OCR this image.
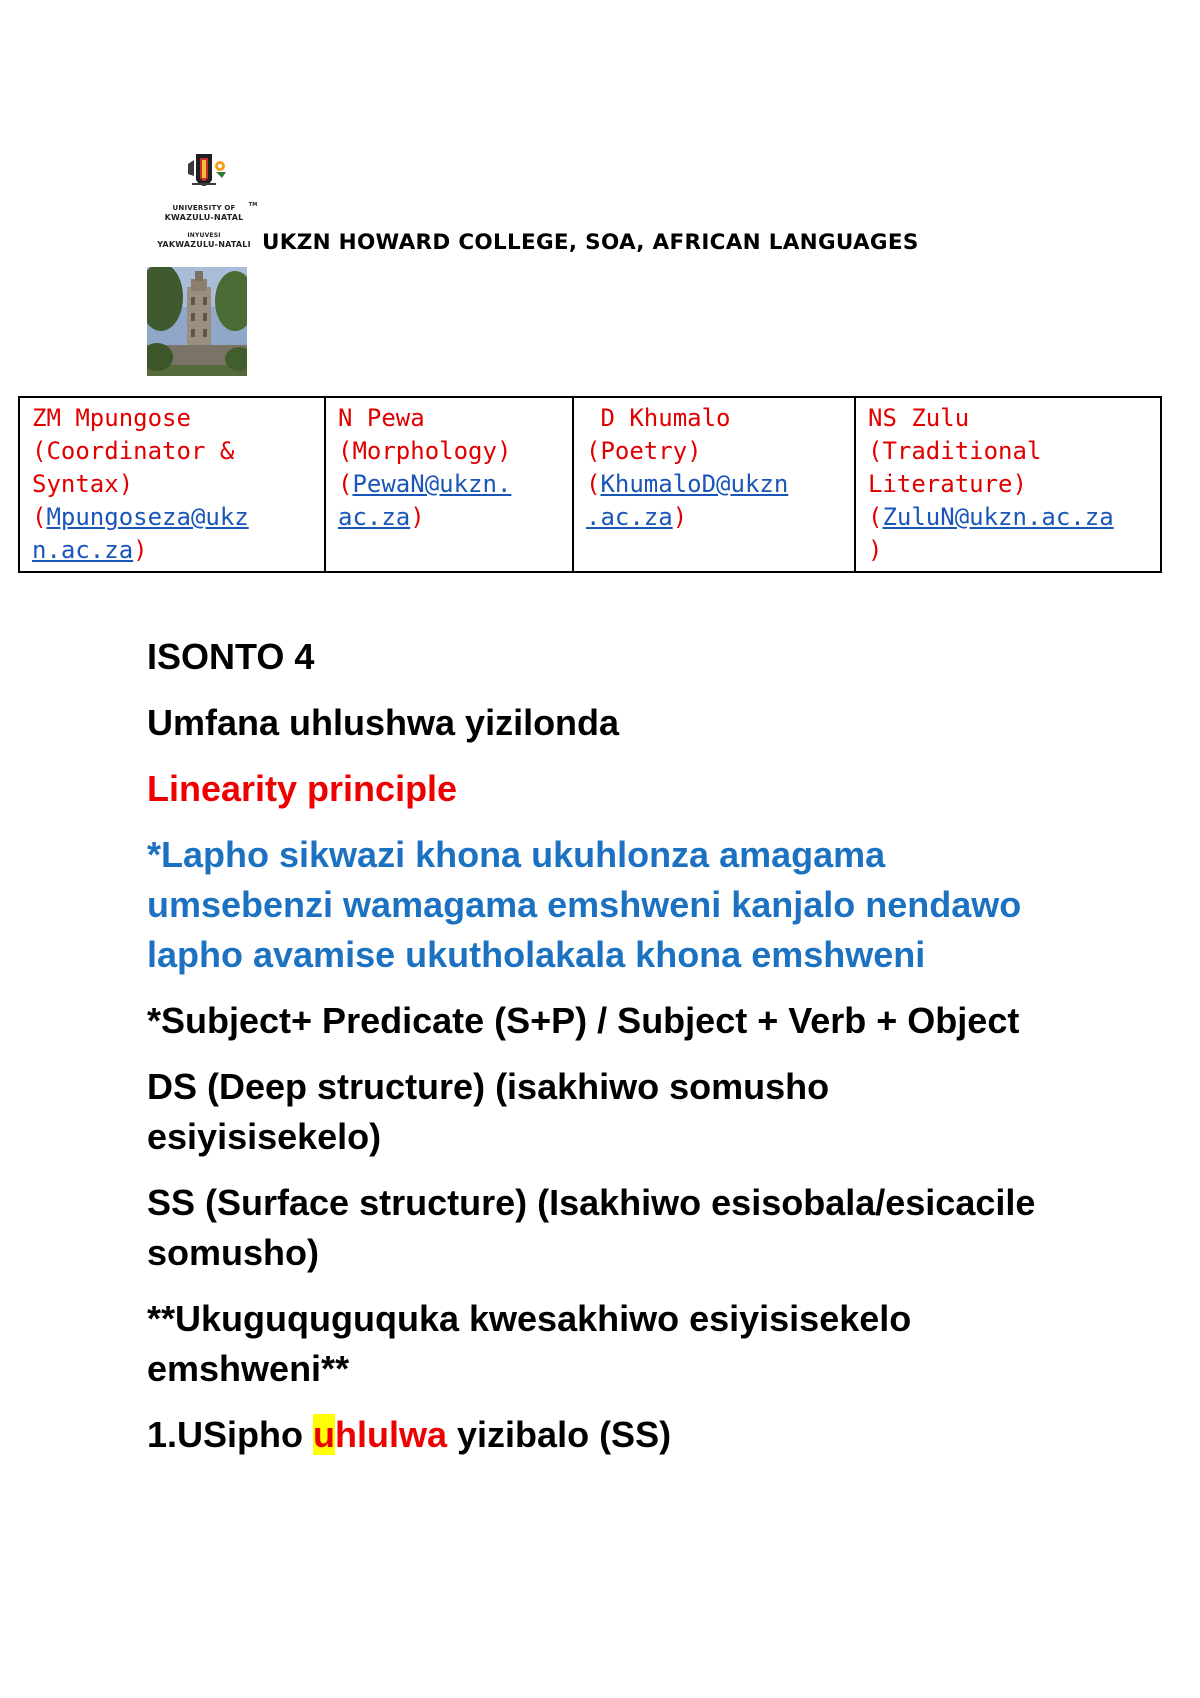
UNIVERSITY OF
KWAZULU-NATAL
TM
INYUVESI
YAKWAZULU-NATALI UKZN HOWARD COLLEGE, SOA, AFRICAN LANGUAGES
ZM Mpungose
(Coordinator &
Syntax)
(Mpungoseza@ukz
n.ac.za)

N Pewa
(Morphology)
(PewaN@ukzn.
ac.za)

D Khumalo
(Poetry)
(KhumaloD@ukzn
.ac.za)

NS Zulu
(Traditional
Literature)
(ZuluN@ukzn.ac.za
)

ISONTO 4

Umfana uhlushwa yizilonda

Linearity principle

*Lapho sikwazi khona ukuhlonza amagama umsebenzi wamagama emshweni kanjalo nendawo lapho avamise ukutholakala khona emshweni

*Subject+ Predicate (S+P) / Subject + Verb + Object

DS (Deep structure) (isakhiwo somusho esiyisisekelo)

SS (Surface structure) (Isakhiwo esisobala/esicacile somusho)

**Ukuguquguquka kwesakhiwo esiyisisekelo emshweni**

1.USipho uhlulwa yizibalo (SS)
